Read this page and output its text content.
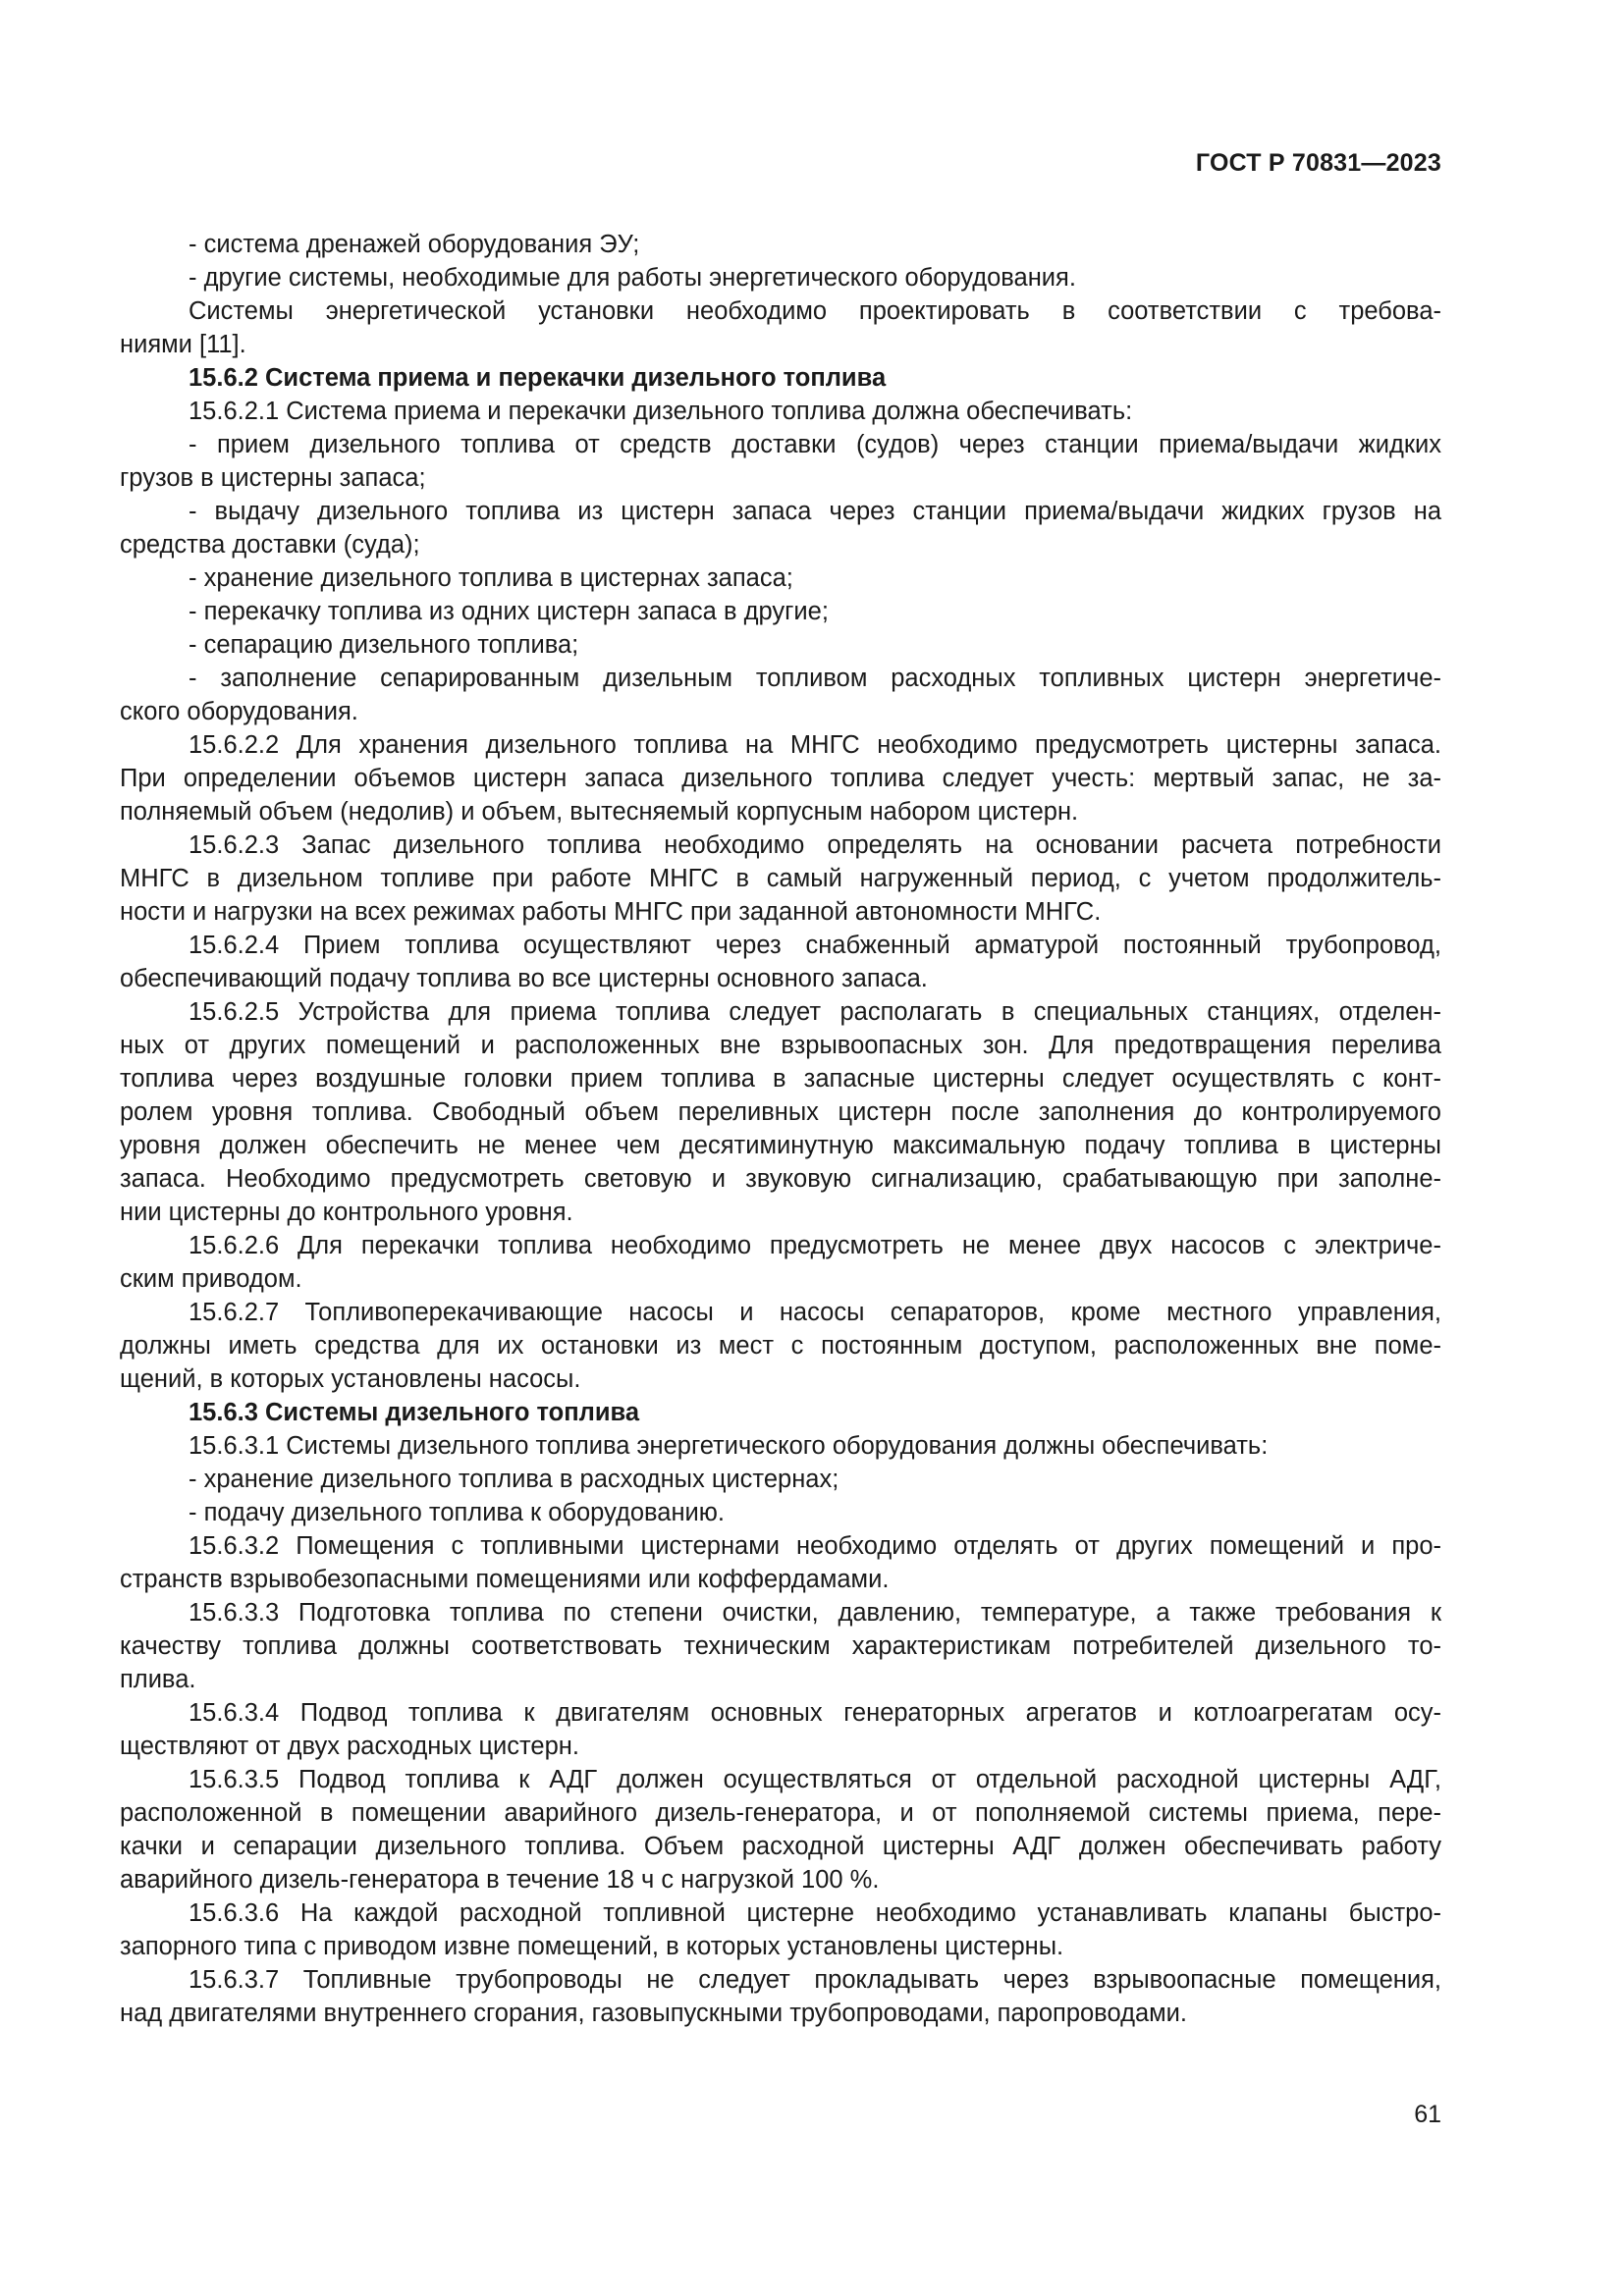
ГОСТ Р 70831—2023

- система дренажей оборудования ЭУ;

- другие системы, необходимые для работы энергетического оборудования.

Системы энергетической установки необходимо проектировать в соответствии с требова-
ниями [11].

15.6.2 Система приема и перекачки дизельного топлива

15.6.2.1 Система приема и перекачки дизельного топлива должна обеспечивать:

- прием дизельного топлива от средств доставки (судов) через станции приема/выдачи жидких
грузов в цистерны запаса;

- выдачу дизельного топлива из цистерн запаса через станции приема/выдачи жидких грузов на
средства доставки (суда);

- хранение дизельного топлива в цистернах запаса;

- перекачку топлива из одних цистерн запаса в другие;

- сепарацию дизельного топлива;

- заполнение сепарированным дизельным топливом расходных топливных цистерн энергетиче-
ского оборудования.

15.6.2.2 Для хранения дизельного топлива на МНГС необходимо предусмотреть цистерны запаса.
При определении объемов цистерн запаса дизельного топлива следует учесть: мертвый запас, не за-
полняемый объем (недолив) и объем, вытесняемый корпусным набором цистерн.

15.6.2.3 Запас дизельного топлива необходимо определять на основании расчета потребности
МНГС в дизельном топливе при работе МНГС в самый нагруженный период, с учетом продолжитель-
ности и нагрузки на всех режимах работы МНГС при заданной автономности МНГС.

15.6.2.4 Прием топлива осуществляют через снабженный арматурой постоянный трубопровод,
обеспечивающий подачу топлива во все цистерны основного запаса.

15.6.2.5 Устройства для приема топлива следует располагать в специальных станциях, отделен-
ных от других помещений и расположенных вне взрывоопасных зон. Для предотвращения перелива
топлива через воздушные головки прием топлива в запасные цистерны следует осуществлять с конт-
ролем уровня топлива. Свободный объем переливных цистерн после заполнения до контролируемого
уровня должен обеспечить не менее чем десятиминутную максимальную подачу топлива в цистерны
запаса. Необходимо предусмотреть световую и звуковую сигнализацию, срабатывающую при заполне-
нии цистерны до контрольного уровня.

15.6.2.6 Для перекачки топлива необходимо предусмотреть не менее двух насосов с электриче-
ским приводом.

15.6.2.7 Топливоперекачивающие насосы и насосы сепараторов, кроме местного управления,
должны иметь средства для их остановки из мест с постоянным доступом, расположенных вне поме-
щений, в которых установлены насосы.

15.6.3 Системы дизельного топлива

15.6.3.1 Системы дизельного топлива энергетического оборудования должны обеспечивать:

- хранение дизельного топлива в расходных цистернах;

- подачу дизельного топлива к оборудованию.

15.6.3.2 Помещения с топливными цистернами необходимо отделять от других помещений и про-
странств взрывобезопасными помещениями или коффердамами.

15.6.3.3 Подготовка топлива по степени очистки, давлению, температуре, а также требования к
качеству топлива должны соответствовать техническим характеристикам потребителей дизельного то-
плива.

15.6.3.4 Подвод топлива к двигателям основных генераторных агрегатов и котлоагрегатам осу-
ществляют от двух расходных цистерн.

15.6.3.5 Подвод топлива к АДГ должен осуществляться от отдельной расходной цистерны АДГ,
расположенной в помещении аварийного дизель-генератора, и от пополняемой системы приема, пере-
качки и сепарации дизельного топлива. Объем расходной цистерны АДГ должен обеспечивать работу
аварийного дизель-генератора в течение 18 ч с нагрузкой 100 %.

15.6.3.6 На каждой расходной топливной цистерне необходимо устанавливать клапаны быстро-
запорного типа с приводом извне помещений, в которых установлены цистерны.

15.6.3.7 Топливные трубопроводы не следует прокладывать через взрывоопасные помещения,
над двигателями внутреннего сгорания, газовыпускными трубопроводами, паропроводами.

61
